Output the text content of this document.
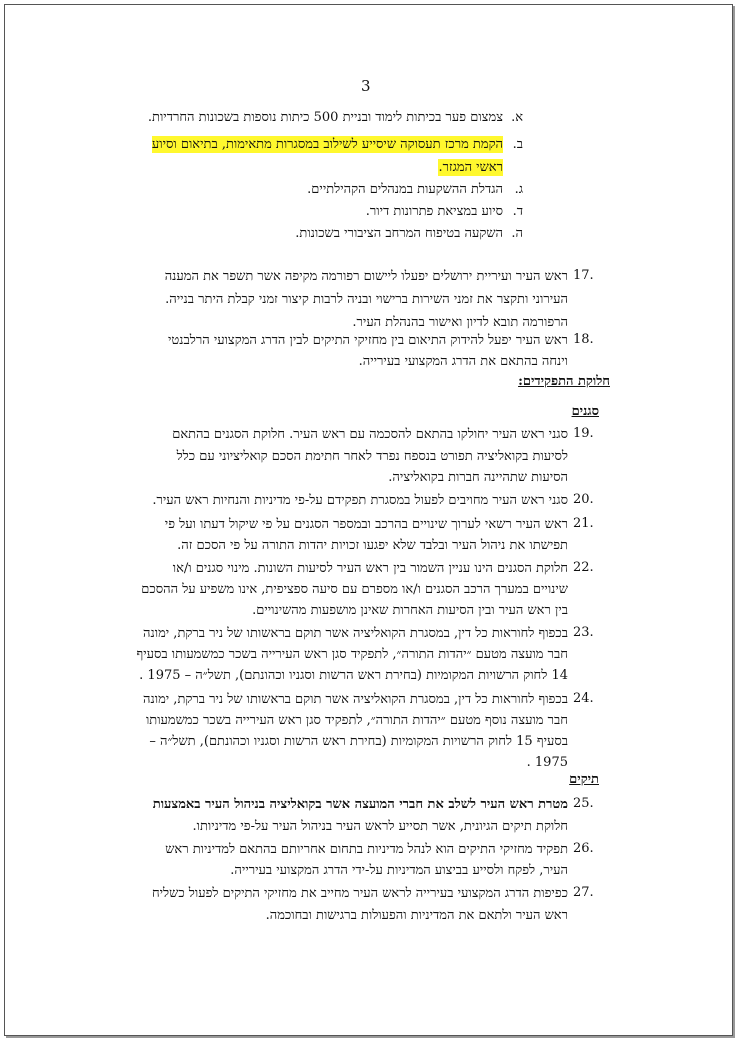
3
א.
צמצום פער בכיתות לימוד ובניית 500 כיתות נוספות בשכונות החרדיות.
ב.
הקמת מרכז תעסוקה שיסייע לשילוב במסגרות מתאימות, בתיאום וסיוע
ראשי המגזר.
ג.
הגדלת ההשקעות במנהלים הקהילתיים.
ד.
סיוע במציאת פתרונות דיור.
ה.
השקעה בטיפוח המרחב הציבורי בשכונות.
17.
ראש העיר ועיריית ירושלים יפעלו ליישום רפורמה מקיפה אשר תשפר את המענה
העירוני ותקצר את זמני השירות ברישוי ובניה לרבות קיצור זמני קבלת היתר בנייה.
הרפורמה תובא לדיון ואישור בהנהלת העיר.
18.
ראש העיר יפעל להידוק התיאום בין מחזיקי התיקים לבין הדרג המקצועי הרלבנטי
וינחה בהתאם את הדרג המקצועי בעירייה.
חלוקת התפקידים:
סגנים
19.
סגני ראש העיר יחולקו בהתאם להסכמה עם ראש העיר. חלוקת הסגנים בהתאם
לסיעות בקואליציה תפורט בנספח נפרד לאחר חתימת הסכם קואליציוני עם כלל
הסיעות שתהיינה חברות בקואליציה.
20.
סגני ראש העיר מחויבים לפעול במסגרת תפקידם על-פי מדיניות והנחיות ראש העיר.
21.
ראש העיר רשאי לערוך שינויים בהרכב ובמספר הסגנים על פי שיקול דעתו ועל פי
תפישתו את ניהול העיר ובלבד שלא יפגעו זכויות יהדות התורה על פי הסכם זה.
22.
חלוקת הסגנים הינו עניין השמור בין ראש העיר לסיעות השונות. מינוי סגנים ו/או
שינויים במערך הרכב הסגנים ו/או מספרם עם סיעה ספציפית, אינו משפיע על ההסכם
בין ראש העיר ובין הסיעות האחרות שאינן מושפעות מהשינויים.
23.
בכפוף לחוראות כל דין, במסגרת הקואליציה אשר תוקם בראשותו של ניר ברקת, ימונה
חבר מועצה מטעם ״יהדות התורה״, לתפקיד סגן ראש העירייה בשכר כמשמעותו בסעיף
14 לחוק הרשויות המקומיות (בחירת ראש הרשות וסגניו וכהונתם), תשל״ה – 1975 .
24.
בכפוף לחוראות כל דין, במסגרת הקואליציה אשר תוקם בראשותו של ניר ברקת, ימונה
חבר מועצה נוסף מטעם ״יהדות התורה״, לתפקיד סגן ראש העירייה בשכר כמשמעותו
בסעיף 15 לחוק הרשויות המקומיות (בחירת ראש הרשות וסגניו וכהונתם), תשל״ה –
1975 .
תיקים
25.
מטרת ראש העיר לשלב את חברי המועצה אשר בקואליציה בניהול העיר באמצעות
חלוקת תיקים הגיונית, אשר תסייע לראש העיר בניהול העיר על-פי מדיניותו.
26.
תפקיד מחזיקי התיקים הוא לנהל מדיניות בתחום אחריותם בהתאם למדיניות ראש
העיר, לפקח ולסייע בביצוע המדיניות על-ידי הדרג המקצועי בעירייה.
27.
כפיפות הדרג המקצועי בעירייה לראש העיר מחייב את מחזיקי התיקים לפעול כשליח
ראש העיר ולתאם את המדיניות והפעולות ברגישות ובחוכמה.
